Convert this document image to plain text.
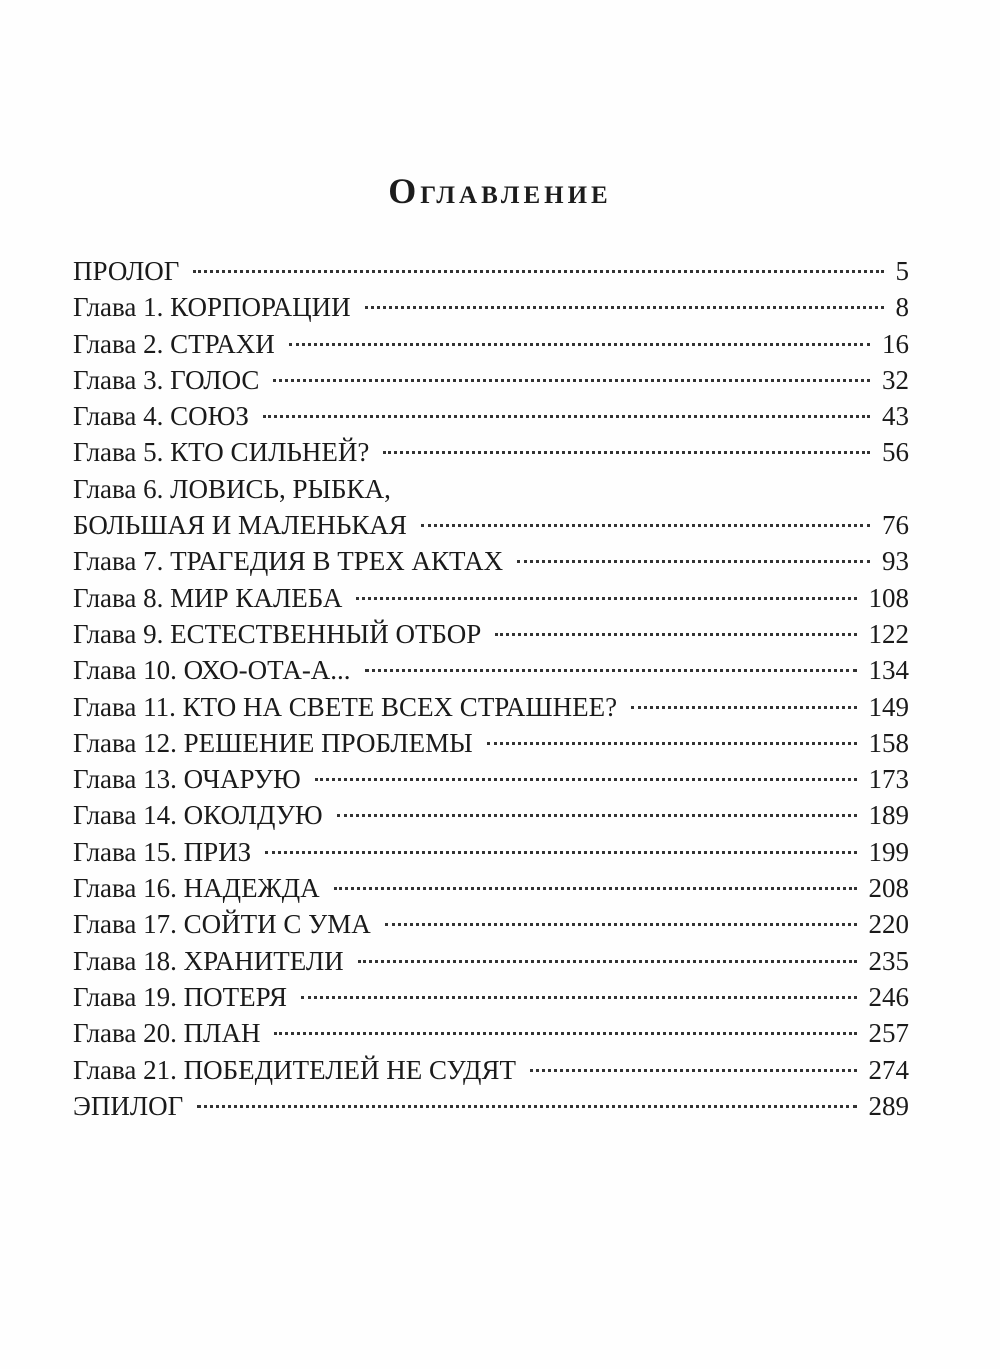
Оглавление
ПРОЛОГ	5
Глава 1. КОРПОРАЦИИ	8
Глава 2. СТРАХИ	16
Глава 3. ГОЛОС	32
Глава 4. СОЮЗ	43
Глава 5. КТО СИЛЬНЕЙ?	56
Глава 6. ЛОВИСЬ, РЫБКА,
БОЛЬШАЯ И МАЛЕНЬКАЯ	76
Глава 7. ТРАГЕДИЯ В ТРЕХ АКТАХ	93
Глава 8. МИР КАЛЕБА	108
Глава 9. ЕСТЕСТВЕННЫЙ ОТБОР	122
Глава 10. ОХО-ОТА-А...	134
Глава 11. КТО НА СВЕТЕ ВСЕХ СТРАШНЕЕ?	149
Глава 12. РЕШЕНИЕ ПРОБЛЕМЫ	158
Глава 13. ОЧАРУЮ	173
Глава 14. ОКОЛДУЮ	189
Глава 15. ПРИЗ	199
Глава 16. НАДЕЖДА	208
Глава 17. СОЙТИ С УМА	220
Глава 18. ХРАНИТЕЛИ	235
Глава 19. ПОТЕРЯ	246
Глава 20. ПЛАН	257
Глава 21. ПОБЕДИТЕЛЕЙ НЕ СУДЯТ	274
ЭПИЛОГ	289
